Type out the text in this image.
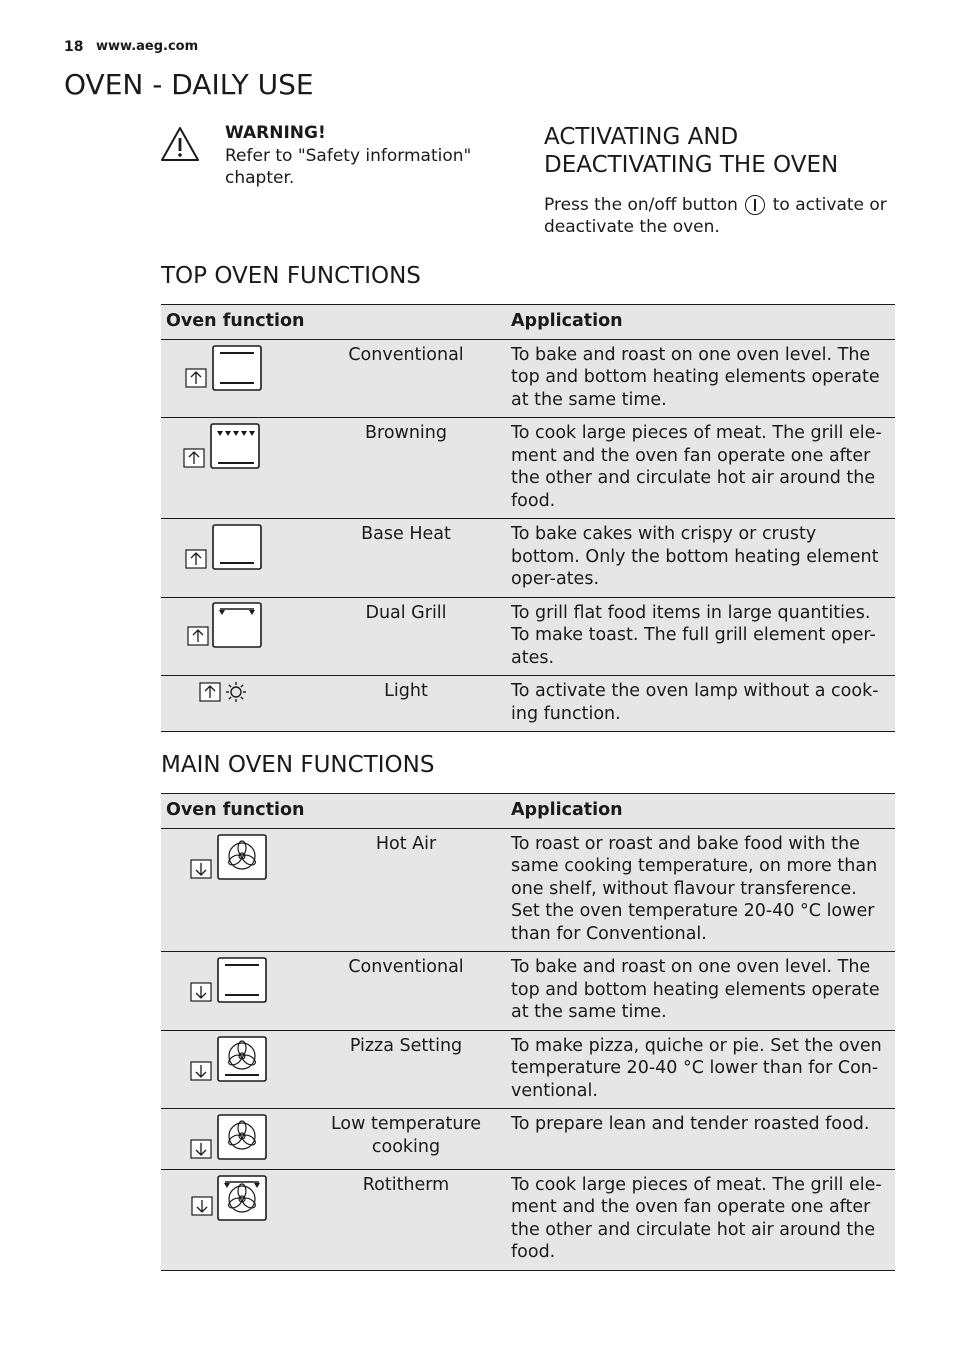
18 www.aeg.com
OVEN - DAILY USE
WARNING!
Refer to "Safety information" chapter.
ACTIVATING AND DEACTIVATING THE OVEN
Press the on/off button to activate or deactivate the oven.
TOP OVEN FUNCTIONS
Oven function		Application
	Conventional	To bake and roast on one oven level. The top and bottom heating elements operate at the same time.
	Browning	To cook large pieces of meat. The grill ele-ment and the oven fan operate one after the other and circulate hot air around the food.
	Base Heat	To bake cakes with crispy or crusty bottom. Only the bottom heating element oper-ates.
	Dual Grill	To grill flat food items in large quantities. To make toast. The full grill element oper-ates.
	Light	To activate the oven lamp without a cook-ing function.
MAIN OVEN FUNCTIONS
Oven function		Application
	Hot Air	To roast or roast and bake food with the same cooking temperature, on more than one shelf, without flavour transference. Set the oven temperature 20-40 °C lower than for Conventional.
	Conventional	To bake and roast on one oven level. The top and bottom heating elements operate at the same time.
	Pizza Setting	To make pizza, quiche or pie. Set the oven temperature 20-40 °C lower than for Con-ventional.
	Low temperature cooking	To prepare lean and tender roasted food.
	Rotitherm	To cook large pieces of meat. The grill ele-ment and the oven fan operate one after the other and circulate hot air around the food.
